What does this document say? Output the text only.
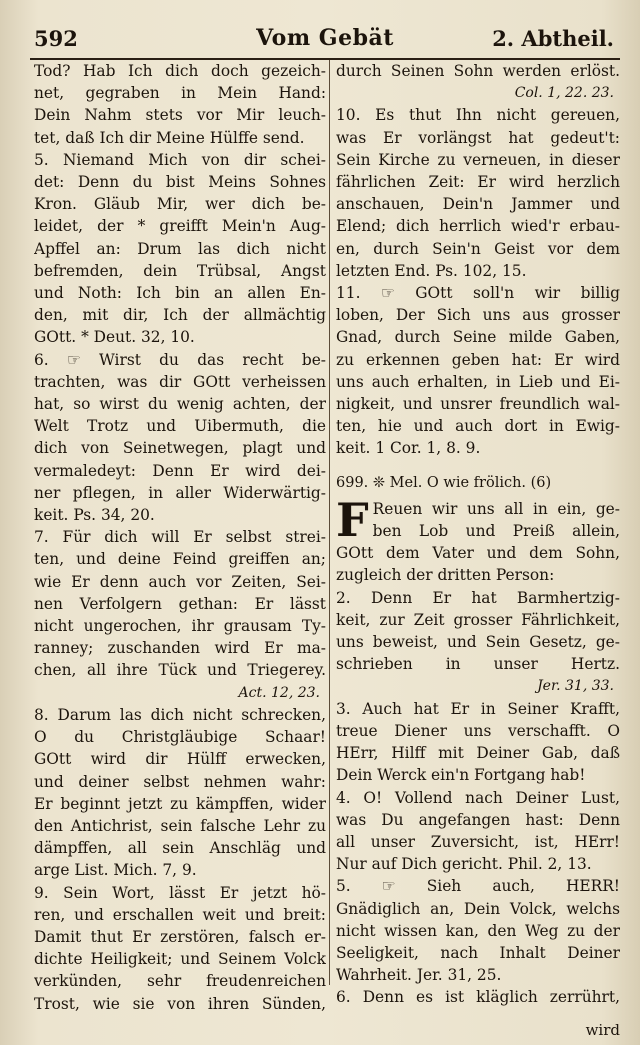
592	Vom Gebät	2. Abtheil.
Tod? Hab Ich dich doch gezeich-
net, gegraben in Mein Hand:
Dein Nahm stets vor Mir leuch-
tet, daß Ich dir Meine Hülffe send.
5. Niemand Mich von dir schei-
det: Denn du bist Meins Sohnes
Kron. Gläub Mir, wer dich be-
leidet, der * greifft Mein'n Aug-
Apffel an: Drum las dich nicht
befremden, dein Trübsal, Angst
und Noth: Ich bin an allen En-
den, mit dir, Ich der allmächtig
GOtt. * Deut. 32, 10.
6. ☞ Wirst du das recht be-
trachten, was dir GOtt verheissen
hat, so wirst du wenig achten, der
Welt Trotz und Uibermuth, die
dich von Seinetwegen, plagt und
vermaledeyt: Denn Er wird dei-
ner pflegen, in aller Widerwärtig-
keit. Ps. 34, 20.
7. Für dich will Er selbst strei-
ten, und deine Feind greiffen an;
wie Er denn auch vor Zeiten, Sei-
nen Verfolgern gethan: Er lässt
nicht ungerochen, ihr grausam Ty-
ranney; zuschanden wird Er ma-
chen, all ihre Tück und Triegerey.
Act. 12, 23.
8. Darum las dich nicht schrecken,
O du Christgläubige Schaar!
GOtt wird dir Hülff erwecken,
und deiner selbst nehmen wahr:
Er beginnt jetzt zu kämpffen, wider
den Antichrist, sein falsche Lehr zu
dämpffen, all sein Anschläg und
arge List. Mich. 7, 9.
9. Sein Wort, lässt Er jetzt hö-
ren, und erschallen weit und breit:
Damit thut Er zerstören, falsch er-
dichte Heiligkeit; und Seinem Volck
verkünden, sehr freudenreichen
Trost, wie sie von ihren Sünden,
durch Seinen Sohn werden erlöst.
Col. 1, 22. 23.
10. Es thut Ihn nicht gereuen,
was Er vorlängst hat gedeut't:
Sein Kirche zu verneuen, in dieser
fährlichen Zeit: Er wird herzlich
anschauen, Dein'n Jammer und
Elend; dich herrlich wied'r erbau-
en, durch Sein'n Geist vor dem
letzten End. Ps. 102, 15.
11. ☞ GOtt soll'n wir billig
loben, Der Sich uns aus grosser
Gnad, durch Seine milde Gaben,
zu erkennen geben hat: Er wird
uns auch erhalten, in Lieb und Ei-
nigkeit, und unsrer freundlich wal-
ten, hie und auch dort in Ewig-
keit. 1 Cor. 1, 8. 9.
699. ❊ Mel. O wie frölich. (6)
F Reuen wir uns all in ein, ge-
ben Lob und Preiß allein,
GOtt dem Vater und dem Sohn,
zugleich der dritten Person:
2. Denn Er hat Barmhertzig-
keit, zur Zeit grosser Fährlichkeit,
uns beweist, und Sein Gesetz, ge-
schrieben in unser Hertz.
Jer. 31, 33.
3. Auch hat Er in Seiner Krafft,
treue Diener uns verschafft. O
HErr, Hilff mit Deiner Gab, daß
Dein Werck ein'n Fortgang hab!
4. O! Vollend nach Deiner Lust,
was Du angefangen hast: Denn
all unser Zuversicht, ist, HErr!
Nur auf Dich gericht. Phil. 2, 13.
5. ☞ Sieh auch, HERR!
Gnädiglich an, Dein Volck, welchs
nicht wissen kan, den Weg zu der
Seeligkeit, nach Inhalt Deiner
Wahrheit. Jer. 31, 25.
6. Denn es ist kläglich zerrührt,
wird
